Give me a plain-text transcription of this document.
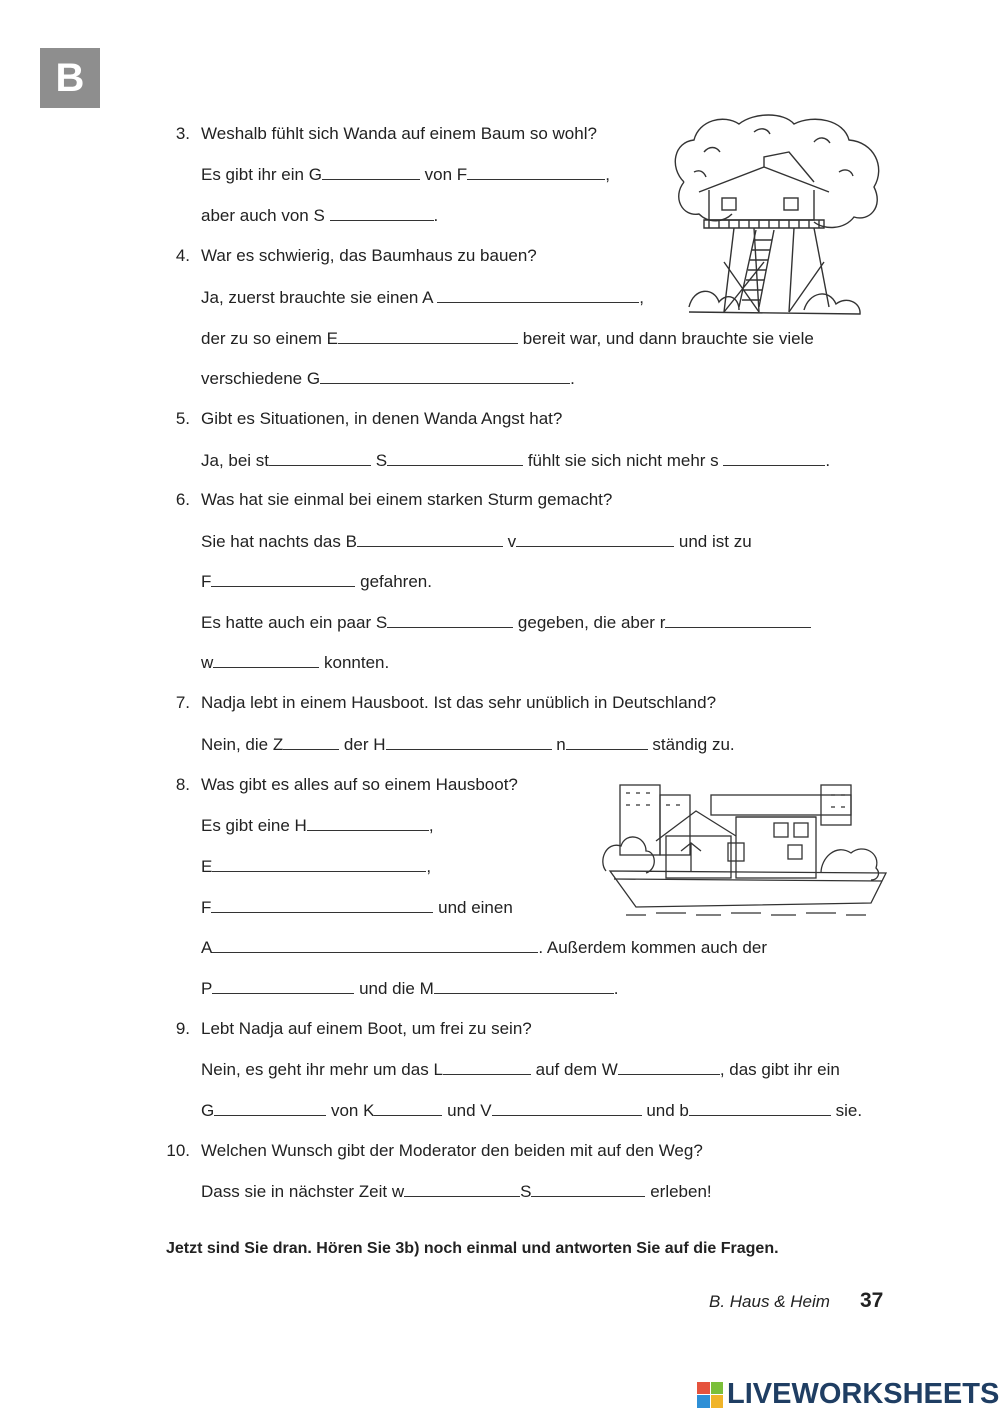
B
3. Weshalb fühlt sich Wanda auf einem Baum so wohl?
Es gibt ihr ein G	von F	,
aber auch von S	.
4. War es schwierig, das Baumhaus zu bauen?
Ja, zuerst brauchte sie einen A	,
der zu so einem E	bereit war, und dann brauchte sie viele
verschiedene G	.
5. Gibt es Situationen, in denen Wanda Angst hat?
Ja, bei st	S	fühlt sie sich nicht mehr s	.
6. Was hat sie einmal bei einem starken Sturm gemacht?
Sie hat nachts das B	v	und ist zu
F	gefahren.
Es hatte auch ein paar S	gegeben, die aber r
w	konnten.
7. Nadja lebt in einem Hausboot. Ist das sehr unüblich in Deutschland?
Nein, die Z	der H	n	ständig zu.
8. Was gibt es alles auf so einem Hausboot?
Es gibt eine H	,
E	,
F	und einen
A	. Außerdem kommen auch der
P	und die M	.
9. Lebt Nadja auf einem Boot, um frei zu sein?
Nein, es geht ihr mehr um das L	auf dem W	, das gibt ihr ein
G	von K	und V	und b	sie.
10. Welchen Wunsch gibt der Moderator den beiden mit auf den Weg?
Dass sie in nächster Zeit w	S	erleben!
Jetzt sind Sie dran. Hören Sie 3b) noch einmal und antworten Sie auf die Fragen.
B. Haus & Heim 37
LIVEWORKSHEETS
